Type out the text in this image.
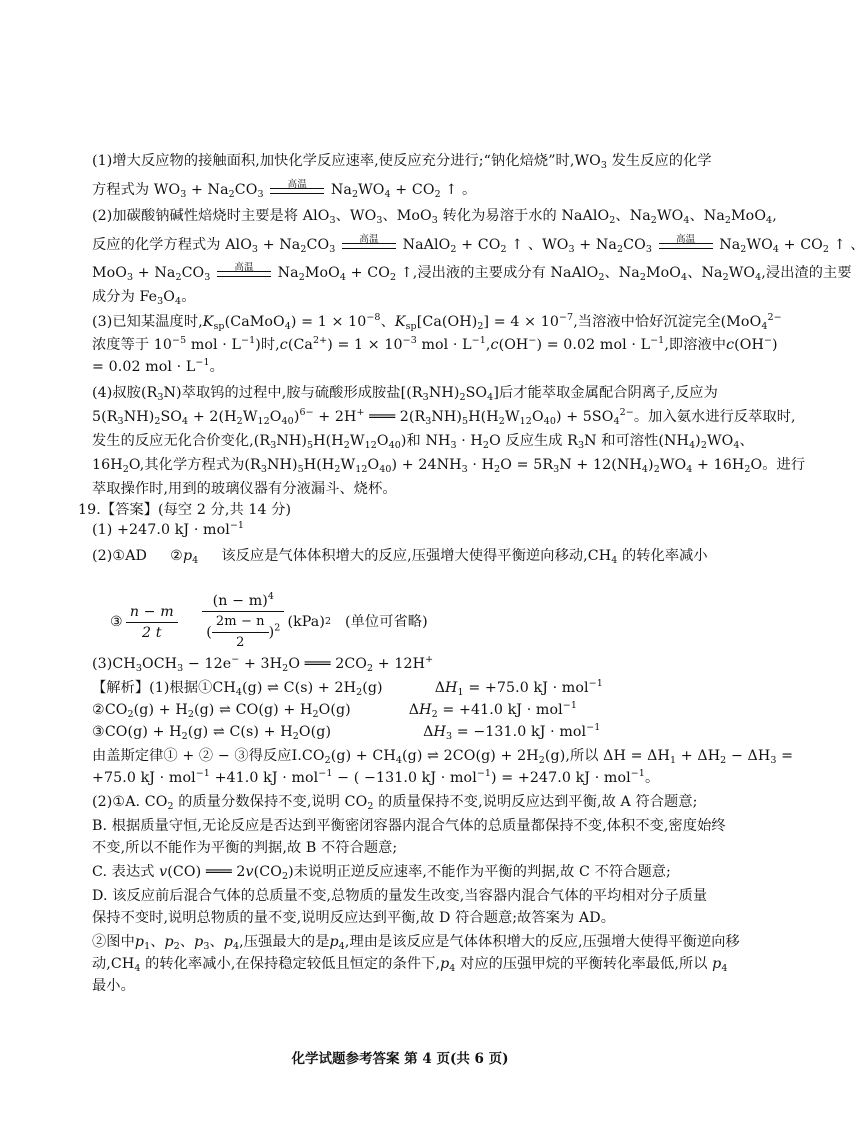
(1)增大反应物的接触面积,加快化学反应速率,使反应充分进行;“钠化焙烧”时$,WO_3$ 发生反应的化学
方程式为 $WO_3 + Na_2CO_3$
高温	$Na_2WO_4 + CO_2$ ↑ 。
(2)加碳酸钠碱性焙烧时主要是将 AlO$_3$、$WO_3$、MoO$_3$ 转化为易溶于水的 NaAlO$_2$、$Na_2WO_4$、$Na_2MoO_4$,
反应的化学方程式为 $AlO_3 + Na_2CO_3$
高温	NaAlO$_2$ + $CO_2$ ↑ 、$WO_3 + Na_2CO_3$
高温	$Na_2WO_4 + CO_2$ ↑ 、
$MoO_3 + Na_2CO_3$
高温	$Na_2MoO_4 + CO_2$ ↑,浸出液的主要成分有 NaAlO$_2$、$Na_2MoO_4$、$Na_2WO_4$,浸出渣的主要
成分为 $Fe_3O_4$。
(3)已知某温度时$,K_{sp}(CaMoO_4) = 1 \times 10^{-8}$、$K_{sp}[Ca(OH)_2] = 4 \times 10^{-7}$,当溶液中恰好沉淀完全(MoO$_4^{2-}$
浓度等于 $10^{-5}$ mol · $L^{-1}$)时$,c(Ca^{2+}) = 1 \times 10^{-3}$ mol · $L^{-1},c(OH^-) = 0.02$ mol · $L^{-1}$,即溶液中c(OH−)
= 0.02 mol · $L^{-1}$。
(4)叔胺$(R_3N)$萃取钨的过程中,胺与硫酸形成胺盐$[(R_3NH)_2SO_4]$后才能萃取金属配合阴离子,反应为
$5(R_3NH)_2SO_4 + 2(H_2W_{12}O_{40})^{6-} + 2H^+$ ═══ $2(R_3NH)_5H(H_2W_{12}O_{40}) + 5SO_4^{2-}$。加入氨水进行反萃取时,
发生的反应无化合价变化$,(R_3NH)_5H(H_2W_{12}O_{40})$和 $NH_3 \cdot H_2O$ 反应生成 $R_3N$ 和可溶性$(NH_4)_2WO_4$、
$16H_2O$,其化学方程式为$(R_3NH)_5H(H_2W_{12}O_{40}) + 24NH_3 \cdot H_2O = 5R_3N + 12(NH_4)_2WO_4 + 16H_2O$。进行
萃取操作时,用到的玻璃仪器有分液漏斗、烧杯。
19.【答案】(每空 2 分,共 14 分)
(1) +247.0 kJ · mol$^{-1}$
(2)①AD $②p_4$ 该反应是气体体积增大的反应,压强增大使得平衡逆向移动$,CH_4$ 的转化率减小
③ $\frac{n - m}{2 t}$
$\frac{(n - m)^4}{( \frac{2m - n}{2} )^2} (kPa)$ 2
(单位可省略)
$(3)CH_3OCH_3 - 12e^- + 3H_2O$ ═══ $2CO_2 + 12H^+$
【解析】(1)根据$①CH_4(g)$ ⇌ $C(s) + 2H_2(g)$	$\Delta H_1 = +75.0$ kJ · mol$^{-1}$
$②CO_2(g) + H_2(g)$ ⇌ $CO(g) + H_2O(g)$	$\Delta H_2 = +41.0$ kJ · mol$^{-1}$
③CO(g) + $H_2(g)$ ⇌ $C(s) + H_2O(g)$	$\Delta H_3 = -131.0$ kJ · mol$^{-1}$
由盖斯定律① + ② − ③得反应$Ⅰ.CO_2(g) + CH_4(g)$ ⇌ $2CO(g) + 2H_2(g)$,所以 $\Delta H = \Delta H_1 + \Delta H_2 - \Delta H_3$ =
+75.0 kJ · mol$^{-1}$ +41.0 kJ · mol$^{-1}$ − ( −131.0 kJ · mol$^{-1}$) = +247.0 kJ · mol$^{-1}$。
(2)①A. $CO_2$ 的质量分数保持不变,说明 $CO_2$ 的质量保持不变,说明反应达到平衡,故 A 符合题意;
B. 根据质量守恒,无论反应是否达到平衡密闭容器内混合气体的总质量都保持不变,体积不变,密度始终
不变,所以不能作为平衡的判据,故 B 不符合题意;
C. 表达式 v(CO) ═══ $2v(CO_2)$未说明正逆反应速率,不能作为平衡的判据,故 C 不符合题意;
D. 该反应前后混合气体的总质量不变,总物质的量发生改变,当容器内混合气体的平均相对分子质量
保持不变时,说明总物质的量不变,说明反应达到平衡,故 D 符合题意;故答案为 AD。
②图中$p_1$、$p_2$、$p_3$、$p_4$,压强最大的是$p_4$,理由是该反应是气体体积增大的反应,压强增大使得平衡逆向移
动$,CH_4$ 的转化率减小,在保持稳定较低且恒定的条件下$,p_4$ 对应的压强甲烷的平衡转化率最低,所以 $p_4$
最小。
化学试题参考答案 第 4 页(共 6 页)
